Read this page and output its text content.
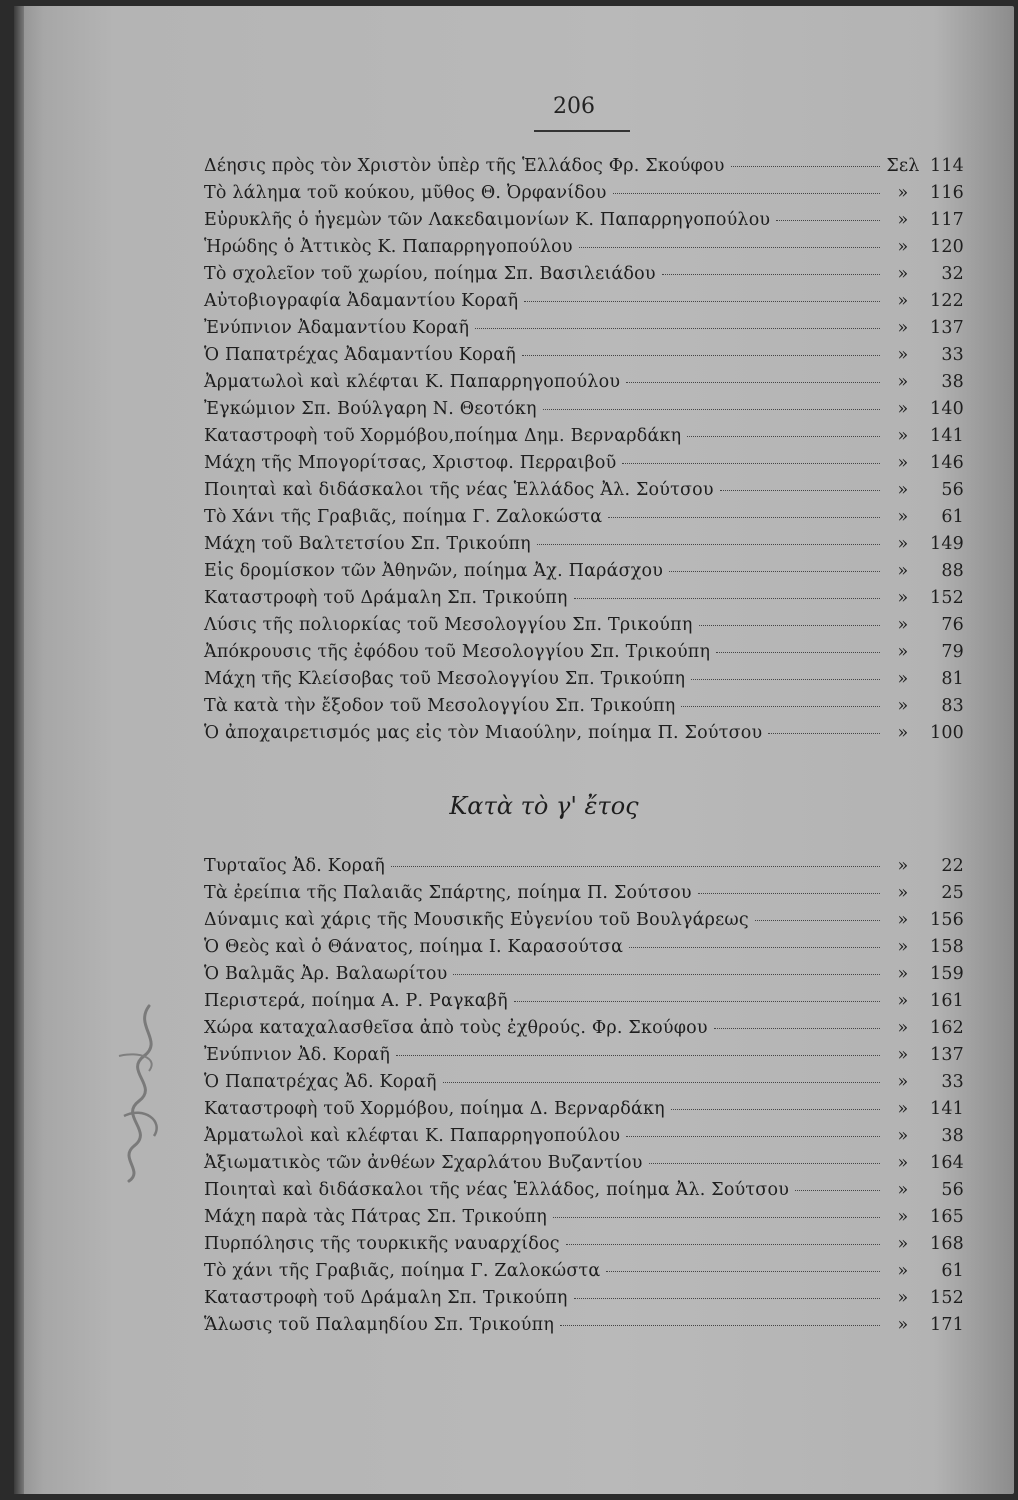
206
Δέησις πρὸς τὸν Χριστὸν ὑπὲρ τῆς Ἑλλάδος Φρ. Σκούφου	Σελ 114
Τὸ λάλημα τοῦ κούκου, μῦθος Θ. Ὀρφανίδου	»	116
Εὐρυκλῆς ὁ ἡγεμὼν τῶν Λακεδαιμονίων Κ. Παπαρρηγοπούλου	»	117
Ἡρώδης ὁ Ἀττικὸς Κ. Παπαρρηγοπούλου	»	120
Τὸ σχολεῖον τοῦ χωρίου, ποίημα Σπ. Βασιλειάδου	»	32
Αὐτοβιογραφία Ἀδαμαντίου Κοραῆ	»	122
Ἐνύπνιον Ἀδαμαντίου Κοραῆ	»	137
Ὁ Παπατρέχας Ἀδαμαντίου Κοραῆ	»	33
Ἀρματωλοὶ καὶ κλέφται Κ. Παπαρρηγοπούλου	»	38
Ἐγκώμιον Σπ. Βούλγαρη Ν. Θεοτόκη	»	140
Καταστροφὴ τοῦ Χορμόβου,ποίημα Δημ. Βερναρδάκη	»	141
Μάχη τῆς Μπογορίτσας, Χριστοφ. Περραιβοῦ	»	146
Ποιηταὶ καὶ διδάσκαλοι τῆς νέας Ἑλλάδος Ἀλ. Σούτσου	»	56
Τὸ Χάνι τῆς Γραβιᾶς, ποίημα Γ. Ζαλοκώστα	»	61
Μάχη τοῦ Βαλτετσίου Σπ. Τρικούπη	»	149
Εἰς δρομίσκον τῶν Ἀθηνῶν, ποίημα Ἀχ. Παράσχου	»	88
Καταστροφὴ τοῦ Δράμαλη Σπ. Τρικούπη	»	152
Λύσις τῆς πολιορκίας τοῦ Μεσολογγίου Σπ. Τρικούπη	»	76
Ἀπόκρουσις τῆς ἐφόδου τοῦ Μεσολογγίου Σπ. Τρικούπη	»	79
Μάχη τῆς Κλείσοβας τοῦ Μεσολογγίου Σπ. Τρικούπη	»	81
Τὰ κατὰ τὴν ἔξοδον τοῦ Μεσολογγίου Σπ. Τρικούπη	»	83
Ὁ ἀποχαιρετισμός μας εἰς τὸν Μιαούλην, ποίημα Π. Σούτσου	»	100
Κατὰ τὸ γ' ἔτος
Τυρταῖος Ἀδ. Κοραῆ	»	22
Τὰ ἐρείπια τῆς Παλαιᾶς Σπάρτης, ποίημα Π. Σούτσου	»	25
Δύναμις καὶ χάρις τῆς Μουσικῆς Εὐγενίου τοῦ Βουλγάρεως	»	156
Ὁ Θεὸς καὶ ὁ Θάνατος, ποίημα Ι. Καρασούτσα	»	158
Ὁ Βαλμᾶς Ἀρ. Βαλαωρίτου	»	159
Περιστερά, ποίημα Α. Ρ. Ραγκαβῆ	»	161
Χώρα καταχαλασθεῖσα ἀπὸ τοὺς ἐχθρούς. Φρ. Σκούφου	»	162
Ἐνύπνιον Ἀδ. Κοραῆ	»	137
Ὁ Παπατρέχας Ἀδ. Κοραῆ	»	33
Καταστροφὴ τοῦ Χορμόβου, ποίημα Δ. Βερναρδάκη	»	141
Ἀρματωλοὶ καὶ κλέφται Κ. Παπαρρηγοπούλου	»	38
Ἀξιωματικὸς τῶν ἀνθέων Σχαρλάτου Βυζαντίου	»	164
Ποιηταὶ καὶ διδάσκαλοι τῆς νέας Ἑλλάδος, ποίημα Ἀλ. Σούτσου	»	56
Μάχη παρὰ τὰς Πάτρας Σπ. Τρικούπη	»	165
Πυρπόλησις τῆς τουρκικῆς ναυαρχίδος	»	168
Τὸ χάνι τῆς Γραβιᾶς, ποίημα Γ. Ζαλοκώστα	»	61
Καταστροφὴ τοῦ Δράμαλη Σπ. Τρικούπη	»	152
Ἅλωσις τοῦ Παλαμηδίου Σπ. Τρικούπη	»	171
